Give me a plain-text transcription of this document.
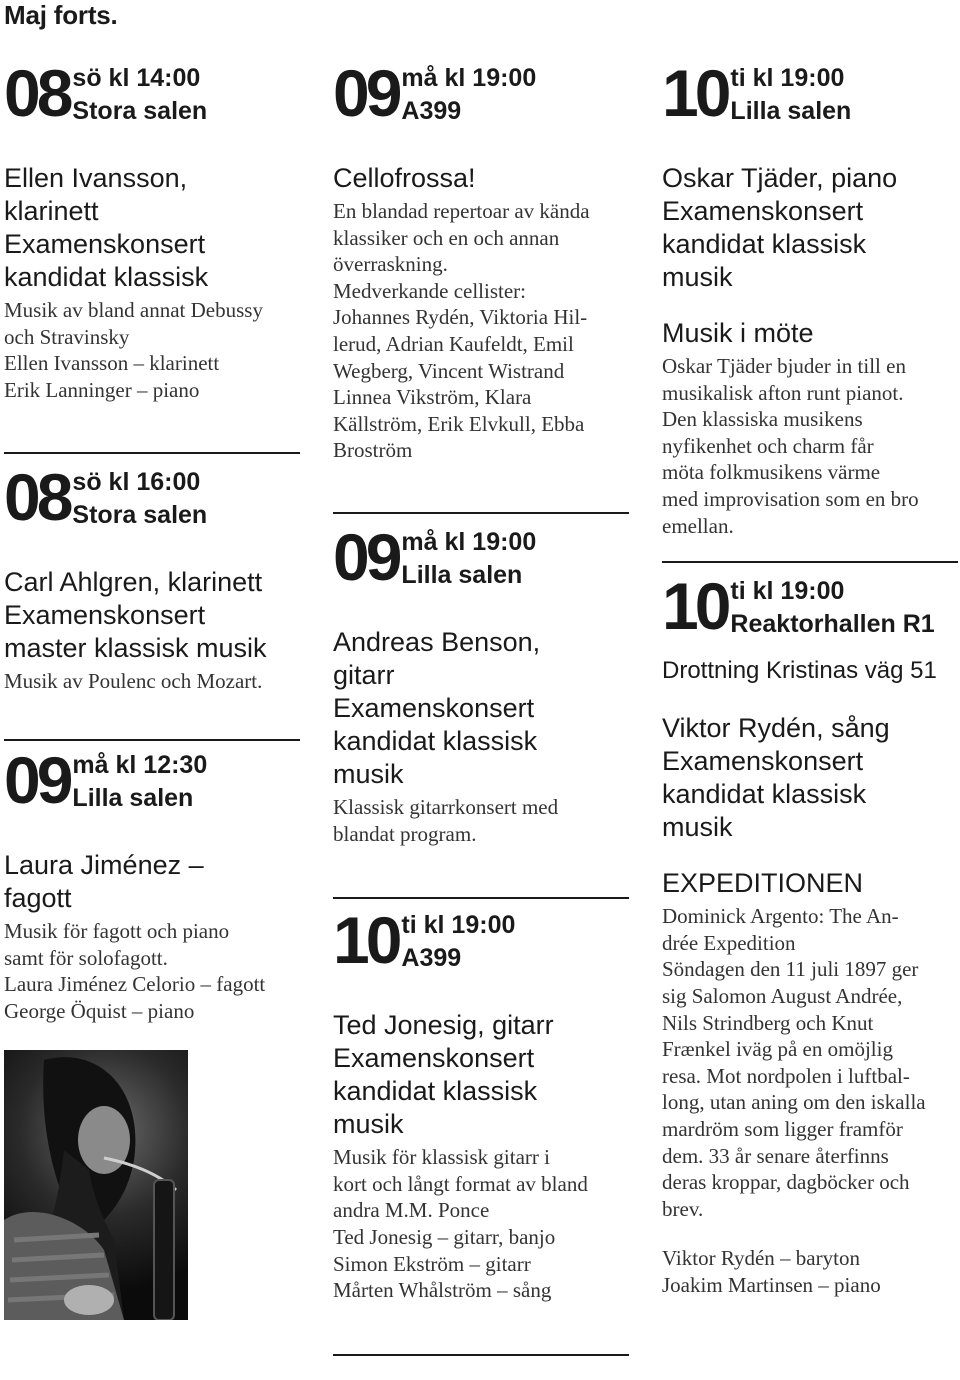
Maj forts.
08 sö kl 14:00
Stora salen
Ellen Ivansson,
klarinett
Examenskonsert
kandidat klassisk
Musik av bland annat Debussy
och Stravinsky
Ellen Ivansson – klarinett
Erik Lanninger – piano
08 sö kl 16:00
Stora salen
Carl Ahlgren, klarinett
Examenskonsert
master klassisk musik
Musik av Poulenc och Mozart.
09 må kl 12:30
Lilla salen
Laura Jiménez –
fagott
Musik för fagott och piano
samt för solofagott.
Laura Jiménez Celorio – fagott
George Öquist – piano
09 må kl 19:00
A399
Cellofrossa!
En blandad repertoar av kända
klassiker och en och annan
överraskning.
Medverkande cellister:
Johannes Rydén, Viktoria Hil-
lerud, Adrian Kaufeldt, Emil
Wegberg, Vincent Wistrand
Linnea Vikström, Klara
Källström, Erik Elvkull, Ebba
Broström
09 må kl 19:00
Lilla salen
Andreas Benson,
gitarr
Examenskonsert
kandidat klassisk
musik
Klassisk gitarrkonsert med
blandat program.
10 ti kl 19:00
A399
Ted Jonesig, gitarr
Examenskonsert
kandidat klassisk
musik
Musik för klassisk gitarr i
kort och långt format av bland
andra M.M. Ponce
Ted Jonesig – gitarr, banjo
Simon Ekström – gitarr
Mårten Whålström – sång
10 ti kl 19:00
Lilla salen
Oskar Tjäder, piano
Examenskonsert
kandidat klassisk
musik
Musik i möte
Oskar Tjäder bjuder in till en
musikalisk afton runt pianot.
Den klassiska musikens
nyfikenhet och charm får
möta folkmusikens värme
med improvisation som en bro
emellan.
10 ti kl 19:00
Reaktorhallen R1
Drottning Kristinas väg 51
Viktor Rydén, sång
Examenskonsert
kandidat klassisk
musik
EXPEDITIONEN
Dominick Argento: The An-
drée Expedition
Söndagen den 11 juli 1897 ger
sig Salomon August Andrée,
Nils Strindberg och Knut
Frænkel iväg på en omöjlig
resa. Mot nordpolen i luftbal-
long, utan aning om den iskalla
mardröm som ligger framför
dem. 33 år senare återfinns
deras kroppar, dagböcker och
brev.
Viktor Rydén – baryton
Joakim Martinsen – piano
